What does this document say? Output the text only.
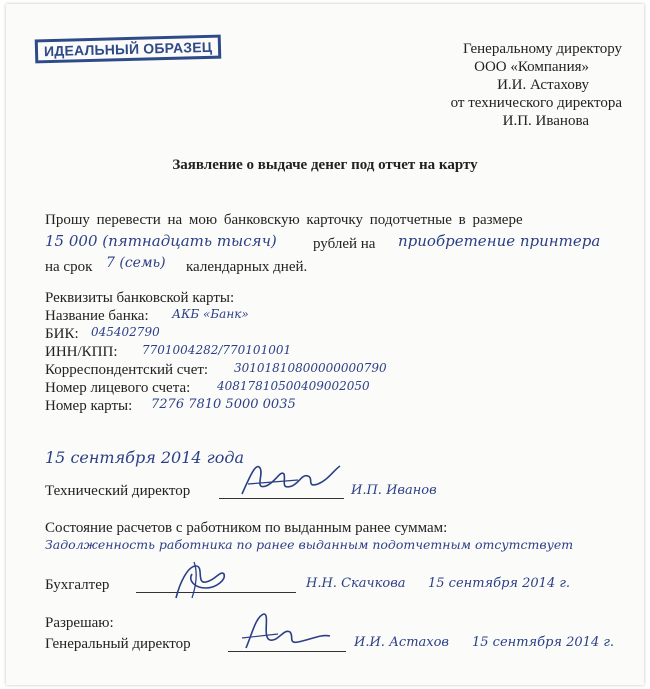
ИДЕАЛЬНЫЙ ОБРАЗЕЦ	Генеральному директору
ООО «Компания»
И.И. Астахову
от технического директора
И.П. Иванова
Заявление о выдаче денег под отчет на карту
Прошу перевести на мою банковскую карточку подотчетные в размере
15 000 (пятнадцать тысяч) рублей на приобретение принтера
на срок 7 (семь) календарных дней.
Реквизиты банковской карты:
Название банка: АКБ «Банк»
БИК: 045402790
ИНН/КПП: 7701004282/770101001
Корреспондентский счет: 30101810800000000790
Номер лицевого счета: 40817810500409002050
Номер карты: 7276 7810 5000 0035
15 сентября 2014 года
Технический директор	И.П. Иванов
Состояние расчетов с работником по выданным ранее суммам:
Задолженность работника по ранее выданным подотчетным отсутствует
Бухгалтер	Н.Н. Скачкова 15 сентября 2014 г.
Разрешаю:
Генеральный директор	И.И. Астахов 15 сентября 2014 г.
